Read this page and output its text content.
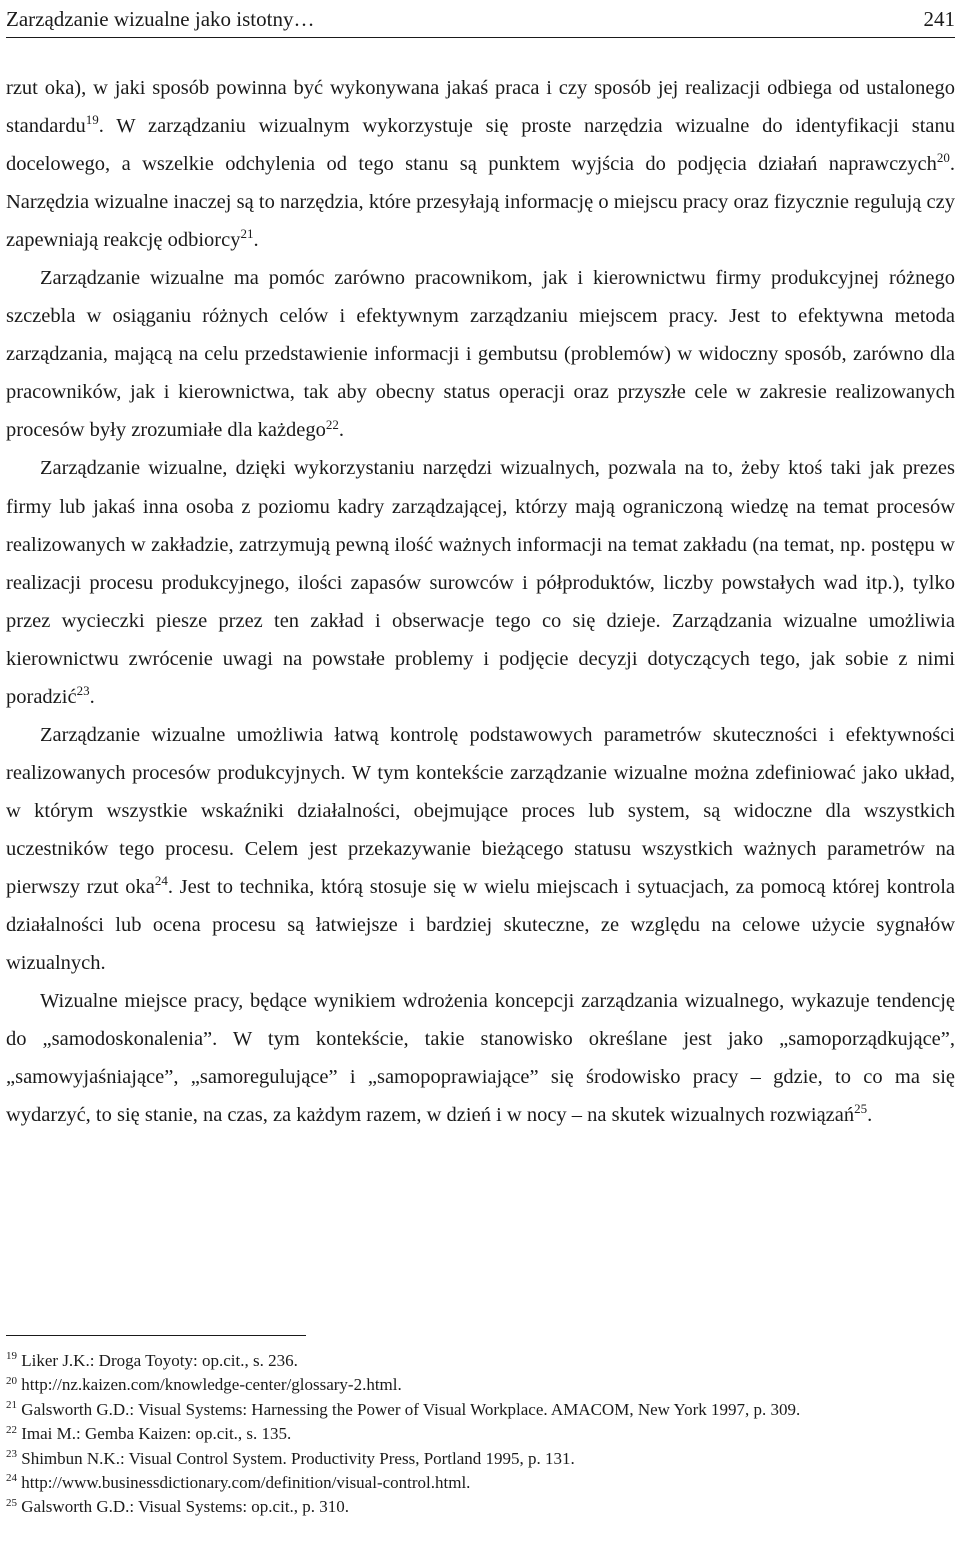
Zarządzanie wizualne jako istotny…	241

rzut oka), w jaki sposób powinna być wykonywana jakaś praca i czy sposób jej realizacji odbiega od ustalonego standardu$^{19}$. W zarządzaniu wizualnym wykorzystuje się proste narzędzia wizualne do identyfikacji stanu docelowego, a wszelkie odchylenia od tego stanu są punktem wyjścia do podjęcia działań naprawczych$^{20}$. Narzędzia wizualne inaczej są to narzędzia, które przesyłają informację o miejscu pracy oraz fizycznie regulują czy zapewniają reakcję odbiorcy$^{21}$.

Zarządzanie wizualne ma pomóc zarówno pracownikom, jak i kierownictwu firmy produkcyjnej różnego szczebla w osiąganiu różnych celów i efektywnym zarządzaniu miejscem pracy. Jest to efektywna metoda zarządzania, mającą na celu przedstawienie informacji i gembutsu (problemów) w widoczny sposób, zarówno dla pracowników, jak i kierownictwa, tak aby obecny status operacji oraz przyszłe cele w zakresie realizowanych procesów były zrozumiałe dla każdego$^{22}$.

Zarządzanie wizualne, dzięki wykorzystaniu narzędzi wizualnych, pozwala na to, żeby ktoś taki jak prezes firmy lub jakaś inna osoba z poziomu kadry zarządzającej, którzy mają ograniczoną wiedzę na temat procesów realizowanych w zakładzie, zatrzymują pewną ilość ważnych informacji na temat zakładu (na temat, np. postępu w realizacji procesu produkcyjnego, ilości zapasów surowców i półproduktów, liczby powstałych wad itp.), tylko przez wycieczki piesze przez ten zakład i obserwacje tego co się dzieje. Zarządzania wizualne umożliwia kierownictwu zwrócenie uwagi na powstałe problemy i podjęcie decyzji dotyczących tego, jak sobie z nimi poradzić$^{23}$.

Zarządzanie wizualne umożliwia łatwą kontrolę podstawowych parametrów skuteczności i efektywności realizowanych procesów produkcyjnych. W tym kontekście zarządzanie wizualne można zdefiniować jako układ, w którym wszystkie wskaźniki działalności, obejmujące proces lub system, są widoczne dla wszystkich uczestników tego procesu. Celem jest przekazywanie bieżącego statusu wszystkich ważnych parametrów na pierwszy rzut oka$^{24}$. Jest to technika, którą stosuje się w wielu miejscach i sytuacjach, za pomocą której kontrola działalności lub ocena procesu są łatwiejsze i bardziej skuteczne, ze względu na celowe użycie sygnałów wizualnych.

Wizualne miejsce pracy, będące wynikiem wdrożenia koncepcji zarządzania wizualnego, wykazuje tendencję do „samodoskonalenia”. W tym kontekście, takie stanowisko określane jest jako „samoporządkujące”, „samowyjaśniające”, „samoregulujące” i „samopoprawiające” się środowisko pracy – gdzie, to co ma się wydarzyć, to się stanie, na czas, za każdym razem, w dzień i w nocy – na skutek wizualnych rozwiązań$^{25}$.

$^{19}$ Liker J.K.: Droga Toyoty: op.cit., s. 236.
$^{20}$ http://nz.kaizen.com/knowledge-center/glossary-2.html.
$^{21}$ Galsworth G.D.: Visual Systems: Harnessing the Power of Visual Workplace. AMACOM, New York 1997, p. 309.
$^{22}$ Imai M.: Gemba Kaizen: op.cit., s. 135.
$^{23}$ Shimbun N.K.: Visual Control System. Productivity Press, Portland 1995, p. 131.
$^{24}$ http://www.businessdictionary.com/definition/visual-control.html.
$^{25}$ Galsworth G.D.: Visual Systems: op.cit., p. 310.
